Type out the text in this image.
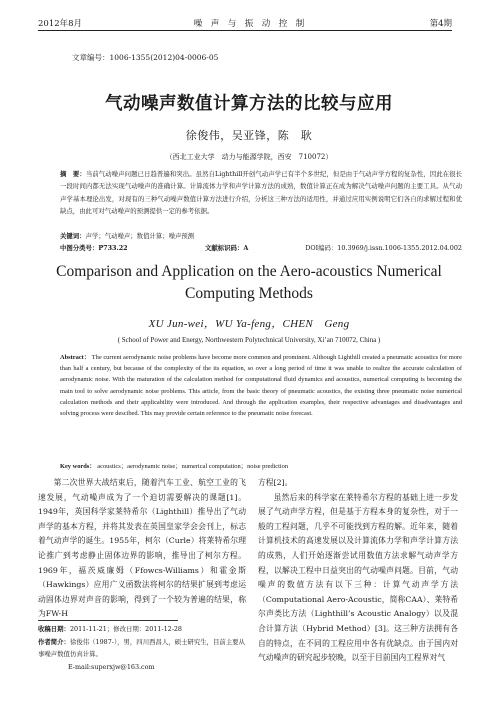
2012年8月	噪　声　与　振　动　控　制	第4期
文章编号：1006-1355(2012)04-0006-05
气动噪声数值计算方法的比较与应用
徐俊伟，吴亚锋，陈　耿
（西北工业大学　动力与能源学院，西安　710072）
摘　要：当前气动噪声问题已日趋普遍和突出。虽然自Lighthill开创气动声学已有半个多世纪，但是由于气动声学方程的复杂性，因此在很长一段时间内都无法实现气动噪声的准确计算。计算流体力学和声学计算方法的成熟，数值计算正在成为解决气动噪声问题的主要工具。从气动声学基本理论出发，对现有的三种气动噪声数值计算方法进行介绍，分析这三种方法的适用性，并通过应用实例说明它们各自的求解过程和优缺点，由此可对气动噪声的预测提供一定的参考依据。
关键词：声学；气动噪声；数值计算；噪声预测
中图分类号：P733.22	文献标识码：A	DOI编码：10.3969/j.issn.1006-1355.2012.04.002
Comparison and Application on the Aero-acoustics Numerical
Computing Methods
XU Jun-wei，WU Ya-feng，CHEN　Geng
( School of Power and Energy, Northwestern Polytechnical University, Xi’an 710072, China )
Abstract： The current aerodynamic noise problems have become more common and prominent. Although Lighthill created a pneumatic acoustics for more than half a century, but because of the complexity of the its equation, so over a long period of time it was unable to realize the accurate calculation of aerodynamic noise. With the maturation of the calculation method for computational fluid dynamics and acoustics, numerical computing is becoming the main tool to solve aerodynamic noise problems. This article, from the basic theory of pneumatic acoustics, the existing three pneumatic noise numerical calculation methods and their applicability were introduced. And through the application examples, their respective advantages and disadvantages and solving process were descibed. This may provide certain reference to the pneumatic noise forecast.
Key words： acoustics；aerodynamic noise；numerical computation；noise prediction

第二次世界大战结束后，随着汽车工业、航空工业的飞速发展，气动噪声成为了一个迫切需要解决的课题[1]。1949年，英国科学家莱特希尔（Lighthill）推导出了气动声学的基本方程，并将其发表在英国皇家学会会刊上，标志着气动声学的诞生。1955年，柯尔（Curle）将莱特希尔理论推广到考虑静止固体边界的影响，推导出了柯尔方程。1969年，福茨威廉姆（Ffowcs-Williams）和霍金斯（Hawkings）应用广义函数法将柯尔的结果扩展到考虑运动固体边界对声音的影响，得到了一个较为普遍的结果，称为FW-H

方程[2]。

虽然后来的科学家在莱特希尔方程的基础上进一步发展了气动声学方程，但是基于方程本身的复杂性，对于一般的工程问题，几乎不可能找到方程的解。近年来，随着计算机技术的高速发展以及计算流体力学和声学计算方法的成熟，人们开始逐渐尝试用数值方法求解气动声学方程，以解决工程中日益突出的气动噪声问题。目前，气动噪声的数值方法有以下三种：计算气动声学方法（Computational Aero-Acoustic，简称CAA）、莱特希尔声类比方法（Lighthill’s Acoustic Analogy）以及混合计算方法（Hybrid Method）[3]。这三种方法拥有各自的特点，在不同的工程应用中各有优缺点。由于国内对气动噪声的研究起步较晚，以至于目前国内工程界对气

收稿日期：2011-11-21；修改日期：2011-12-28
作者简介：徐俊伟（1987-），男，四川西昌人，硕士研究生，目前主要从事噪声数值仿真计算。
E-mail:superxjw@163.com
